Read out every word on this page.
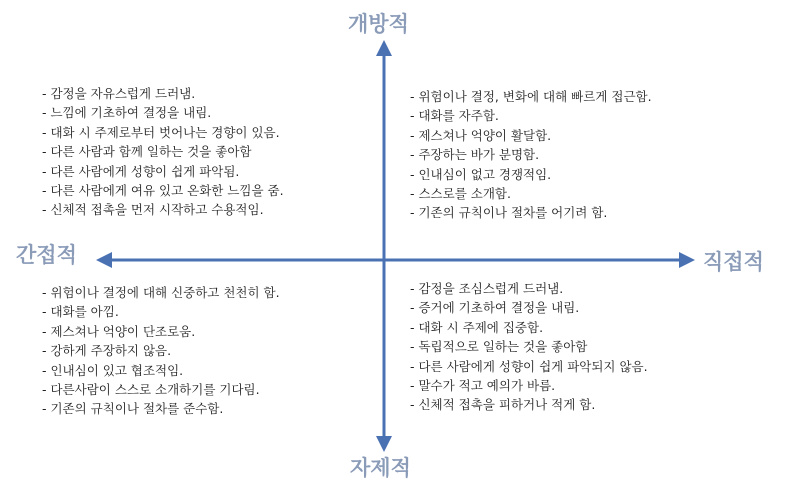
개방적
자제적
간접적	직접적
- 감정을 자유스럽게 드러냄.
- 느낌에 기초하여 결정을 내림.
- 대화 시 주제로부터 벗어나는 경향이 있음.
- 다른 사람과 함께 일하는 것을 좋아함
- 다른 사람에게 성향이 쉽게 파악됨.
- 다른 사람에게 여유 있고 온화한 느낌을 줌.
- 신체적 접촉을 먼저 시작하고 수용적임.
- 위험이나 결정, 변화에 대해 빠르게 접근함.
- 대화를 자주함.
- 제스쳐나 억양이 활달함.
- 주장하는 바가 분명함.
- 인내심이 없고 경쟁적임.
- 스스로를 소개함.
- 기존의 규칙이나 절차를 어기려 함.
- 위험이나 결정에 대해 신중하고 천천히 함.
- 대화를 아낌.
- 제스쳐나 억양이 단조로움.
- 강하게 주장하지 않음.
- 인내심이 있고 협조적임.
- 다른사람이 스스로 소개하기를 기다림.
- 기존의 규칙이나 절차를 준수함.
- 감정을 조심스럽게 드러냄.
- 증거에 기초하여 결정을 내림.
- 대화 시 주제에 집중함.
- 독립적으로 일하는 것을 좋아함
- 다른 사람에게 성향이 쉽게 파악되지 않음.
- 말수가 적고 예의가 바름.
- 신체적 접촉을 피하거나 적게 함.
